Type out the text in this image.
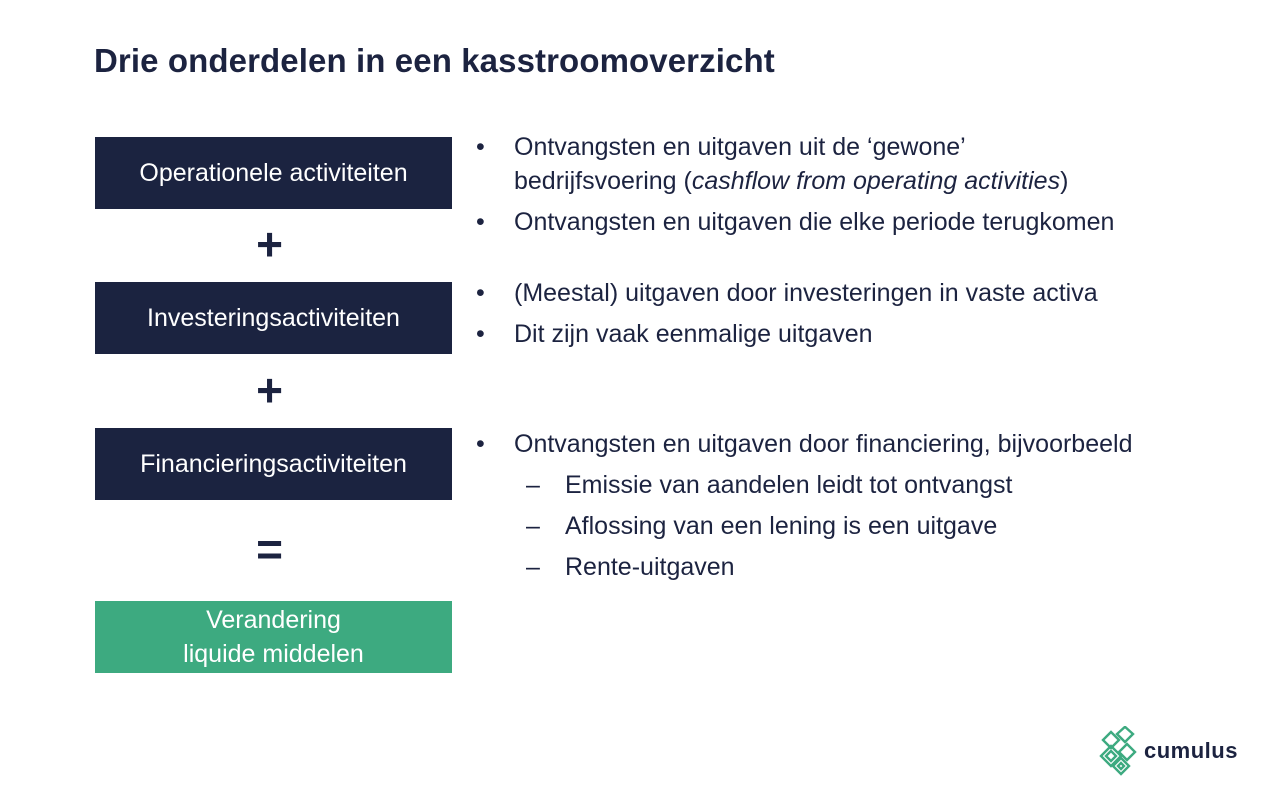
Drie onderdelen in een kasstroomoverzicht
Operationele activiteiten
+
Investeringsactiviteiten
+
Financieringsactiviteiten
=
Verandering
liquide middelen
• Ontvangsten en uitgaven uit de ‘gewone’
bedrijfsvoering (cashflow from operating activities)
• Ontvangsten en uitgaven die elke periode terugkomen
• (Meestal) uitgaven door investeringen in vaste activa
• Dit zijn vaak eenmalige uitgaven
• Ontvangsten en uitgaven door financiering, bijvoorbeeld
– Emissie van aandelen leidt tot ontvangst
– Aflossing van een lening is een uitgave
– Rente-uitgaven
cumulus
